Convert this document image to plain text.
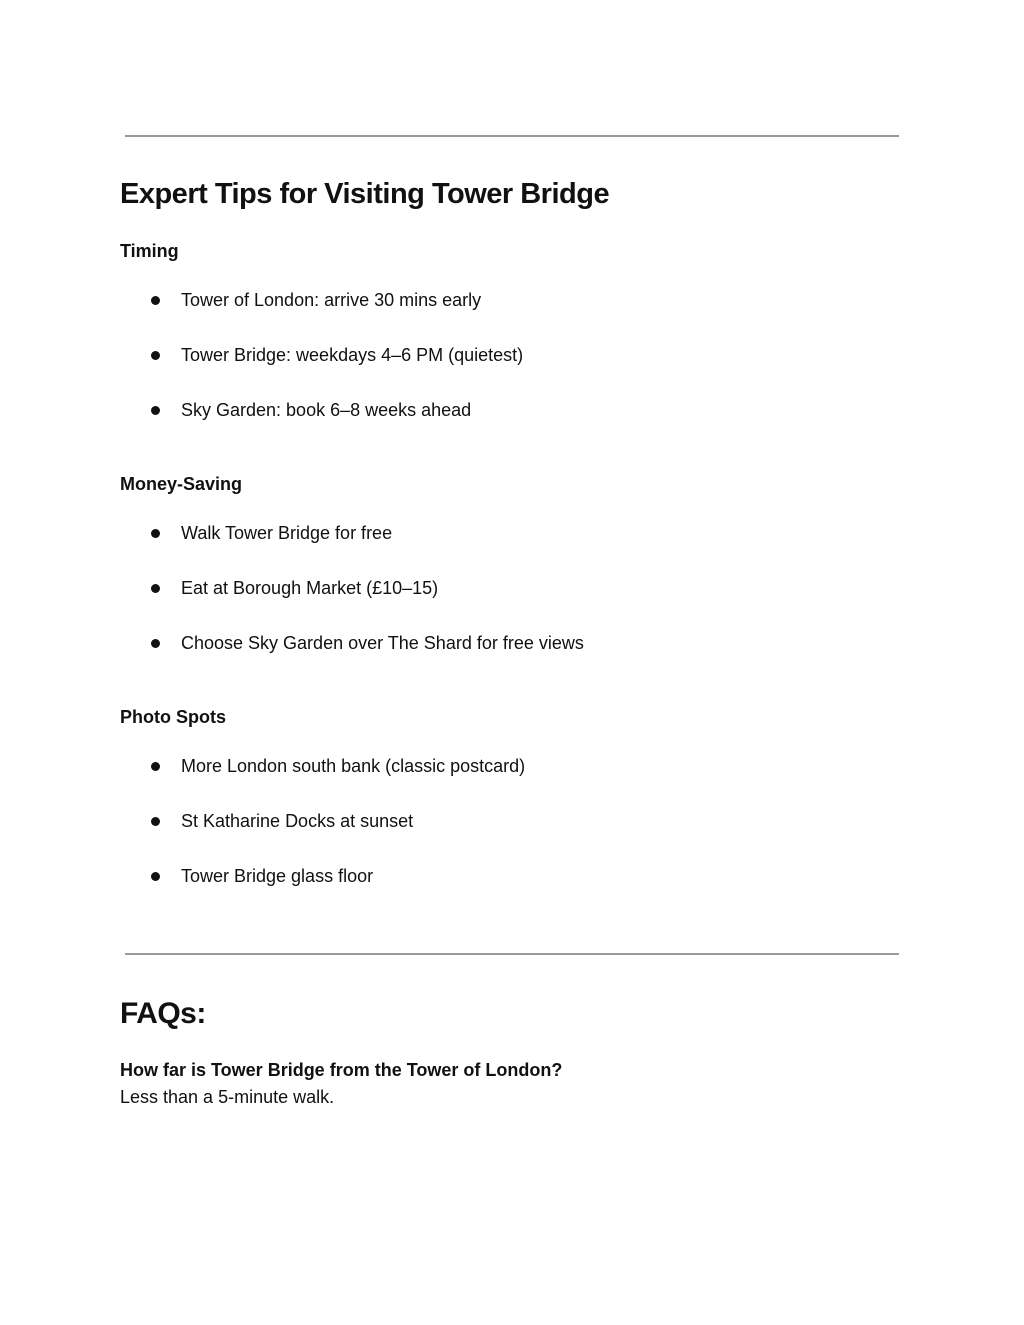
Expert Tips for Visiting Tower Bridge
Timing
Tower of London: arrive 30 mins early
Tower Bridge: weekdays 4–6 PM (quietest)
Sky Garden: book 6–8 weeks ahead
Money-Saving
Walk Tower Bridge for free
Eat at Borough Market (£10–15)
Choose Sky Garden over The Shard for free views
Photo Spots
More London south bank (classic postcard)
St Katharine Docks at sunset
Tower Bridge glass floor
FAQs:

How far is Tower Bridge from the Tower of London?

Less than a 5-minute walk.
